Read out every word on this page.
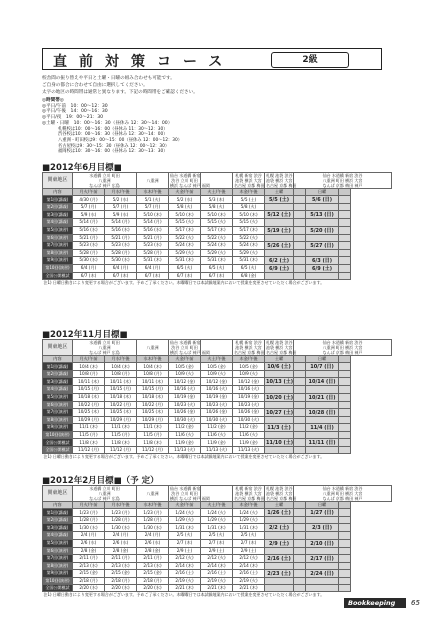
直前対策コース	2級
校舎間の振り替えや平日と土曜・日曜の組み合わせも可能です。
ご自身の都合に合わせて自由に選択してください。
太字の地区の時間帯は通常と異なります。下記の時間帯をご確認ください。
◎時間帯◎
◎平日/午前　10：00〜12：30
◎平日/午後　14：00〜16：30
◎平日/夜　19：00〜21：30
◎土曜・日曜　10：00〜16：30（昼休み 12：30〜14：00）
札幌校は10：00〜16：00（昼休み 11：30〜12：30）
渋谷校は10：00〜16：30（昼休み 12：30〜14：00）
八重洲・町田校は9：00〜15：00（昼休み 12：00〜12：30）
名古屋校は9：30〜15：30（昼休み 12：00〜12：30）
福岡校は10：30〜16：00（昼休み 12：30〜13：30）
■2012年6月目標■
関東地区	水道橋 立川 町田
八重洲
なんば 神戸 広島		八重洲	仙台 水道橋 新宿
渋谷 立川 町田
横浜 なんば 神戸 福岡		札幌 新宿 渋谷
池袋 横浜 大宮
名古屋 京都 梅田	札幌 池袋 渋谷
池袋 横浜 大宮
名古屋 京都 梅田	仙台 水道橋 新宿 渋谷
八重洲 町田 横浜 大宮
なんば 京都 梅田 神戸		
内容	月火/午前	月水/午後	水木/午後	火金/午前	火土/午後	木金/午後	土曜		日曜	
第1回(講義)	4/30 (月)	5/2 (水)	5/1 (火)	5/2 (水)	5/3 (木)	5/5 (土)	5/5 (土)		5/6 (日)	
第2回(講義)	5/7 (月)	5/7 (月)	5/7 (月)	5/8 (火)	5/8 (火)	5/8 (火)				
第3回(講義)	5/9 (水)	5/9 (水)	5/10 (木)	5/10 (木)	5/10 (木)	5/10 (木)	5/12 (土)		5/13 (日)	
第4回(講義)	5/14 (月)	5/14 (月)	5/14 (月)	5/15 (火)	5/15 (火)	5/15 (火)				
第5回(演習)	5/16 (水)	5/16 (水)	5/16 (水)	5/17 (木)	5/17 (木)	5/17 (木)	5/19 (土)		5/20 (日)	
第6回(演習)	5/21 (月)	5/21 (月)	5/21 (月)	5/22 (火)	5/22 (火)	5/22 (火)				
第7回(演習)	5/23 (水)	5/23 (水)	5/23 (水)	5/24 (木)	5/24 (木)	5/24 (木)	5/26 (土)		5/27 (日)	
第8回(演習)	5/28 (月)	5/28 (月)	5/28 (月)	5/29 (火)	5/29 (火)	5/29 (火)				
第9回(演習)	5/30 (水)	5/30 (水)	5/31 (木)	5/31 (木)	5/31 (木)	5/31 (木)	6/2 (土)		6/3 (日)	
第10回(演習)	6/4 (月)	6/4 (月)	6/4 (月)	6/5 (火)	6/5 (火)	6/5 (火)	6/9 (土)		6/9 (土)	
全国公開模試	6/7 (木)	6/7 (木)	6/7 (木)	6/7 (木)	6/7 (木)	6/8 (金)				
注1) 日曜日動きにより変更する場合がございます。予めご了承ください。木曜曜日では本試験地案内において授業を変更させていただく場合がございます。										
■2012年11月目標■
関東地区	水道橋 立川 町田
八重洲
なんば 神戸 広島		八重洲	仙台 水道橋 新宿
渋谷 立川 町田
横浜 なんば 神戸 福岡		札幌 新宿 渋谷
池袋 横浜 大宮
名古屋 京都 梅田	札幌 池袋 渋谷
池袋 横浜 大宮
名古屋 京都 梅田	仙台 水道橋 新宿 渋谷
八重洲 町田 横浜 大宮
なんば 京都 梅田 神戸		
内容	月火/午前	月水/午後	水木/午後	火金/午前	火土/午後	木金/午後	土曜		日曜	
第1回(講義)	10/4 (木)	10/4 (木)	10/4 (木)	10/5 (金)	10/5 (金)	10/5 (金)	10/6 (土)		10/7 (日)	
第2回(講義)	10/8 (月)	10/8 (月)	10/8 (月)	10/9 (火)	10/9 (火)	10/9 (火)				
第3回(講義)	10/11 (木)	10/11 (木)	10/11 (木)	10/12 (金)	10/12 (金)	10/12 (金)	10/13 (土)		10/14 (日)	
第4回(講義)	10/15 (月)	10/15 (月)	10/15 (月)	10/16 (火)	10/16 (火)	10/16 (火)				
第5回(演習)	10/18 (木)	10/18 (木)	10/18 (木)	10/19 (金)	10/19 (金)	10/19 (金)	10/20 (土)		10/21 (日)	
第6回(演習)	10/22 (月)	10/22 (月)	10/22 (月)	10/23 (火)	10/23 (火)	10/23 (火)				
第7回(演習)	10/25 (木)	10/25 (木)	10/25 (木)	10/26 (金)	10/26 (金)	10/26 (金)	10/27 (土)		10/28 (日)	
第8回(演習)	10/29 (月)	10/29 (月)	10/29 (月)	10/30 (火)	10/30 (火)	10/30 (火)				
第9回(演習)	11/1 (木)	11/1 (木)	11/1 (木)	11/2 (金)	11/2 (金)	11/2 (金)	11/3 (土)		11/4 (日)	
第10回(演習)	11/5 (月)	11/5 (月)	11/5 (月)	11/6 (火)	11/6 (火)	11/6 (火)				
全国公開模試	11/8 (木)	11/8 (木)	11/8 (木)	11/9 (金)	11/9 (金)	11/9 (金)	11/10 (土)		11/11 (日)	
全国公開模試	11/12 (月)	11/12 (月)	11/12 (月)	11/13 (火)	11/13 (火)	11/13 (火)				
注1) 日曜日動きにより変更する場合がございます。予めご了承ください。木曜曜日では本試験地案内において授業を変更させていただく場合がございます。										
■2012年2月目標■（予 定）
関東地区	水道橋 立川 町田
八重洲
なんば 神戸 広島		八重洲	仙台 水道橋 新宿
渋谷 立川 町田
横浜 なんば 神戸 福岡		札幌 新宿 渋谷
池袋 横浜 大宮
名古屋 京都 梅田	札幌 池袋 渋谷
池袋 横浜 大宮
名古屋 京都 梅田	仙台 水道橋 新宿 渋谷
八重洲 町田 横浜 大宮
なんば 京都 梅田 神戸		
内容	月火/午前	月水/午後	水木/午後	火金/午前	火土/午後	木金/午後	土曜		日曜	
第1回(講義)	1/23 (月)	1/23 (月)	1/23 (月)	1/24 (火)	1/24 (火)	1/24 (火)	1/26 (土)		1/27 (日)	
第2回(講義)	1/28 (月)	1/28 (月)	1/28 (月)	1/29 (火)	1/29 (火)	1/29 (火)				
第3回(講義)	1/30 (水)	1/30 (水)	1/30 (水)	1/31 (木)	1/31 (木)	1/31 (木)	2/2 (土)		2/3 (日)	
第4回(講義)	2/4 (月)	2/4 (月)	2/4 (月)	2/5 (火)	2/5 (火)	2/5 (火)				
第5回(演習)	2/6 (水)	2/6 (水)	2/6 (水)	2/7 (木)	2/7 (木)	2/7 (木)	2/9 (土)		2/10 (日)	
第6回(演習)	2/8 (金)	2/8 (金)	2/8 (金)	2/9 (土)	2/9 (土)	2/9 (土)				
第7回(演習)	2/11 (月)	2/11 (月)	2/11 (月)	2/12 (火)	2/12 (火)	2/12 (火)	2/16 (土)		2/17 (日)	
第8回(演習)	2/13 (水)	2/13 (水)	2/13 (水)	2/14 (木)	2/14 (木)	2/14 (木)				
第9回(演習)	2/15 (金)	2/15 (金)	2/15 (金)	2/16 (土)	2/16 (土)	2/16 (土)	2/23 (土)		2/24 (日)	
第10回(演習)	2/18 (月)	2/18 (月)	2/18 (月)	2/19 (火)	2/19 (火)	2/19 (火)				
全国公開模試	2/20 (水)	2/20 (水)	2/20 (水)	2/21 (木)	2/21 (木)	2/21 (木)				
注1) 日曜日動きにより変更する場合がございます。予めご了承ください。木曜曜日では本試験地案内において授業を変更させていただく場合がございます。										
Bookkeeping	65
